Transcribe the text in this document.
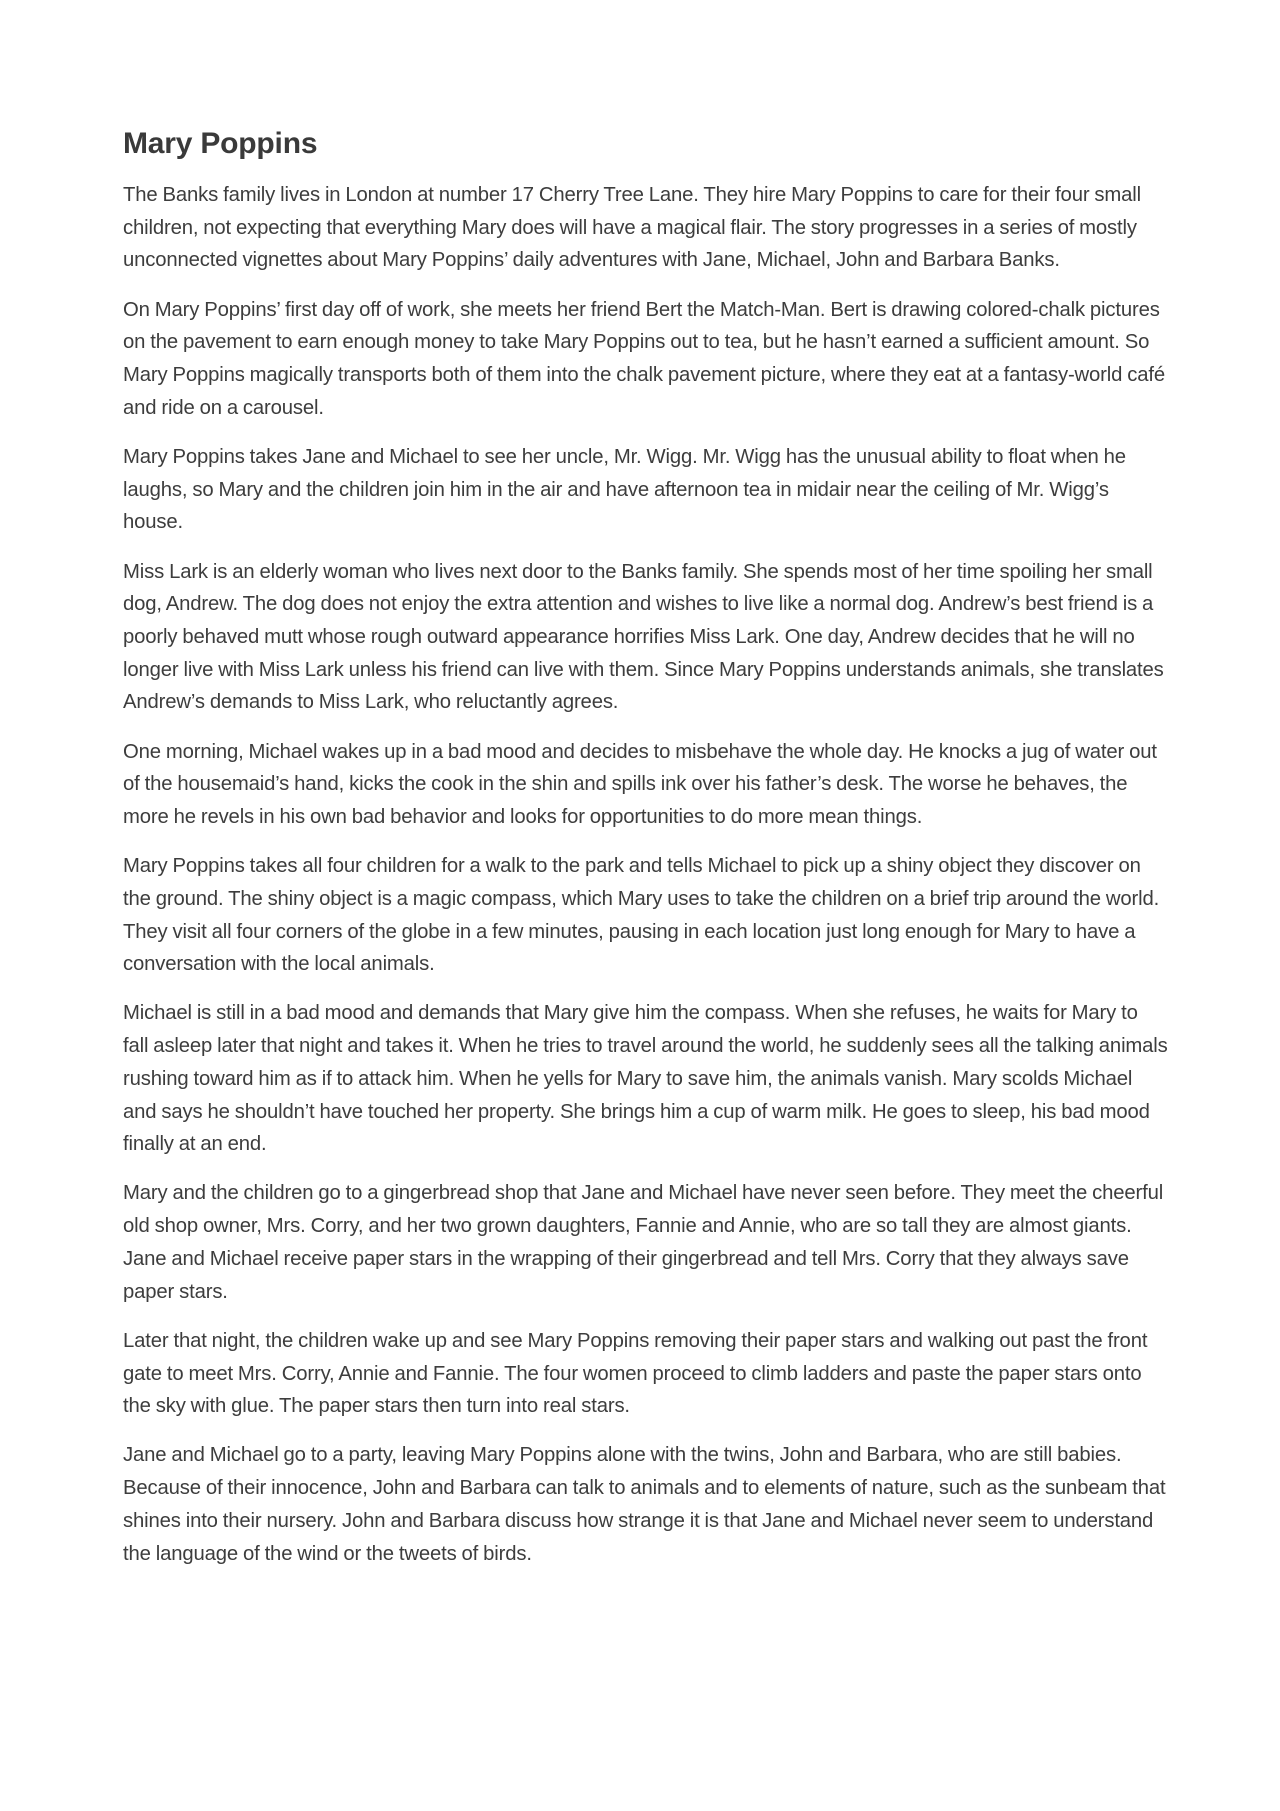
Mary Poppins

The Banks family lives in London at number 17 Cherry Tree Lane. They hire Mary Poppins to care for their four small children, not expecting that everything Mary does will have a magical flair. The story progresses in a series of mostly unconnected vignettes about Mary Poppins’ daily adventures with Jane, Michael, John and Barbara Banks.

On Mary Poppins’ first day off of work, she meets her friend Bert the Match-Man. Bert is drawing colored-chalk pictures on the pavement to earn enough money to take Mary Poppins out to tea, but he hasn’t earned a sufficient amount. So Mary Poppins magically transports both of them into the chalk pavement picture, where they eat at a fantasy-world café and ride on a carousel.

Mary Poppins takes Jane and Michael to see her uncle, Mr. Wigg. Mr. Wigg has the unusual ability to float when he laughs, so Mary and the children join him in the air and have afternoon tea in midair near the ceiling of Mr. Wigg’s house.

Miss Lark is an elderly woman who lives next door to the Banks family. She spends most of her time spoiling her small dog, Andrew. The dog does not enjoy the extra attention and wishes to live like a normal dog. Andrew’s best friend is a poorly behaved mutt whose rough outward appearance horrifies Miss Lark. One day, Andrew decides that he will no longer live with Miss Lark unless his friend can live with them. Since Mary Poppins understands animals, she translates Andrew’s demands to Miss Lark, who reluctantly agrees.

One morning, Michael wakes up in a bad mood and decides to misbehave the whole day. He knocks a jug of water out of the housemaid’s hand, kicks the cook in the shin and spills ink over his father’s desk. The worse he behaves, the more he revels in his own bad behavior and looks for opportunities to do more mean things.

Mary Poppins takes all four children for a walk to the park and tells Michael to pick up a shiny object they discover on the ground. The shiny object is a magic compass, which Mary uses to take the children on a brief trip around the world. They visit all four corners of the globe in a few minutes, pausing in each location just long enough for Mary to have a conversation with the local animals.

Michael is still in a bad mood and demands that Mary give him the compass. When she refuses, he waits for Mary to fall asleep later that night and takes it. When he tries to travel around the world, he suddenly sees all the talking animals rushing toward him as if to attack him. When he yells for Mary to save him, the animals vanish. Mary scolds Michael and says he shouldn’t have touched her property. She brings him a cup of warm milk. He goes to sleep, his bad mood finally at an end.

Mary and the children go to a gingerbread shop that Jane and Michael have never seen before. They meet the cheerful old shop owner, Mrs. Corry, and her two grown daughters, Fannie and Annie, who are so tall they are almost giants. Jane and Michael receive paper stars in the wrapping of their gingerbread and tell Mrs. Corry that they always save paper stars.

Later that night, the children wake up and see Mary Poppins removing their paper stars and walking out past the front gate to meet Mrs. Corry, Annie and Fannie. The four women proceed to climb ladders and paste the paper stars onto the sky with glue. The paper stars then turn into real stars.

Jane and Michael go to a party, leaving Mary Poppins alone with the twins, John and Barbara, who are still babies. Because of their innocence, John and Barbara can talk to animals and to elements of nature, such as the sunbeam that shines into their nursery. John and Barbara discuss how strange it is that Jane and Michael never seem to understand the language of the wind or the tweets of birds.
